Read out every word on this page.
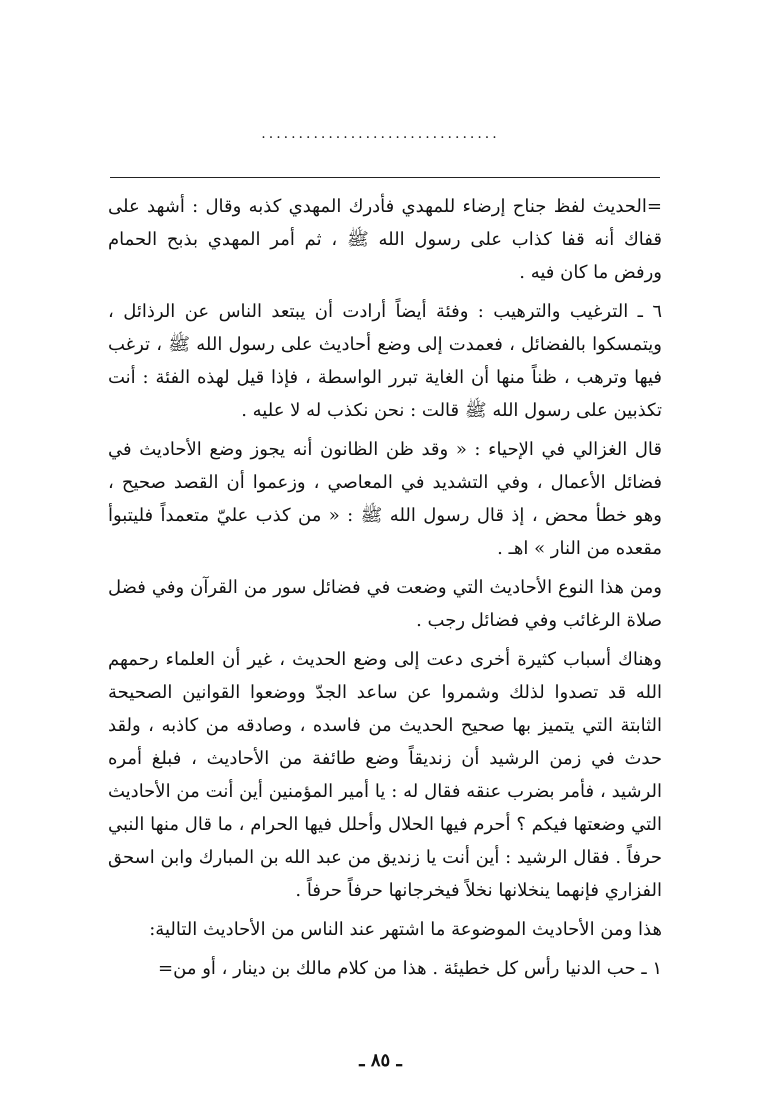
................................

=الحديث لفظ جناح إرضاء للمهدي فأدرك المهدي كذبه وقال : أشهد على قفاك أنه قفا كذاب على رسول الله ﷺ ، ثم أمر المهدي بذبح الحمام ورفض ما كان فيه .

٦ ـ الترغيب والترهيب : وفئة أيضاً أرادت أن يبتعد الناس عن الرذائل ، ويتمسكوا بالفضائل ، فعمدت إلى وضع أحاديث على رسول الله ﷺ ، ترغب فيها وترهب ، ظناً منها أن الغاية تبرر الواسطة ، فإذا قيل لهذه الفئة : أنت تكذبين على رسول الله ﷺ قالت : نحن نكذب له لا عليه .

قال الغزالي في الإحياء : « وقد ظن الظانون أنه يجوز وضع الأحاديث في فضائل الأعمال ، وفي التشديد في المعاصي ، وزعموا أن القصد صحيح ، وهو خطأ محض ، إذ قال رسول الله ﷺ : « من كذب عليّ متعمداً فليتبوأ مقعده من النار » اهـ .

ومن هذا النوع الأحاديث التي وضعت في فضائل سور من القرآن وفي فضل صلاة الرغائب وفي فضائل رجب .

وهناك أسباب كثيرة أخرى دعت إلى وضع الحديث ، غير أن العلماء رحمهم الله قد تصدوا لذلك وشمروا عن ساعد الجدّ ووضعوا القوانين الصحيحة الثابتة التي يتميز بها صحيح الحديث من فاسده ، وصادقه من كاذبه ، ولقد حدث في زمن الرشيد أن زنديقاً وضع طائفة من الأحاديث ، فبلغ أمره الرشيد ، فأمر بضرب عنقه فقال له : يا أمير المؤمنين أين أنت من الأحاديث التي وضعتها فيكم ؟ أحرم فيها الحلال وأحلل فيها الحرام ، ما قال منها النبي حرفاً . فقال الرشيد : أين أنت يا زنديق من عبد الله بن المبارك وابن اسحق الفزاري فإنهما ينخلانها نخلاً فيخرجانها حرفاً حرفاً .

هذا ومن الأحاديث الموضوعة ما اشتهر عند الناس من الأحاديث التالية:

١ ـ حب الدنيا رأس كل خطيئة . هذا من كلام مالك بن دينار ، أو من=

ـ ٨٥ ـ
